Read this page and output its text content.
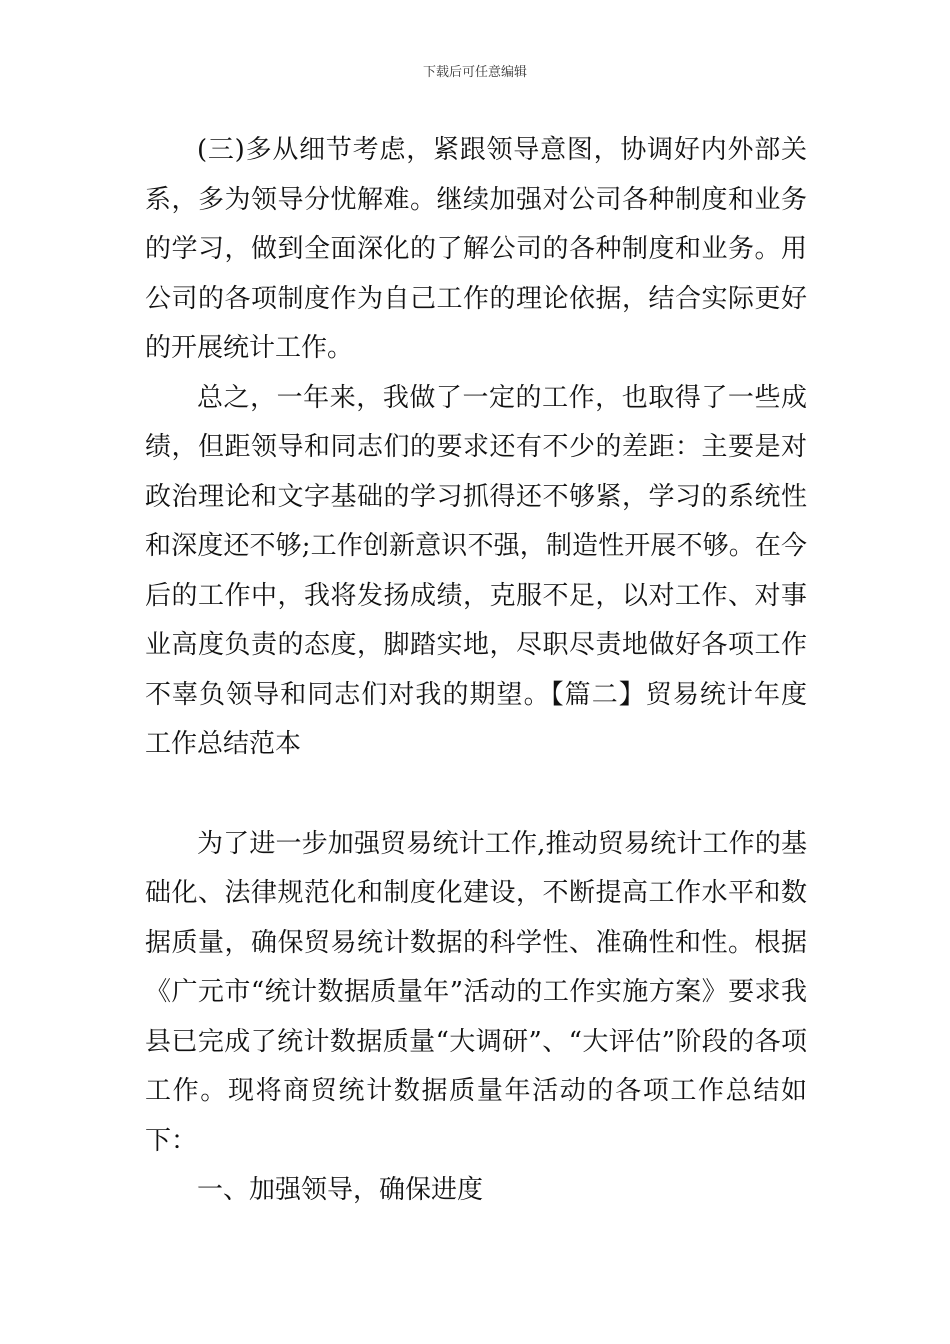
下载后可任意编辑

(三)多从细节考虑，紧跟领导意图，协调好内外部关系，多为领导分忧解难。继续加强对公司各种制度和业务的学习，做到全面深化的了解公司的各种制度和业务。用公司的各项制度作为自己工作的理论依据，结合实际更好的开展统计工作。

总之，一年来，我做了一定的工作，也取得了一些成绩，但距领导和同志们的要求还有不少的差距：主要是对政治理论和文字基础的学习抓得还不够紧，学习的系统性和深度还不够;工作创新意识不强，制造性开展不够。在今后的工作中，我将发扬成绩，克服不足，以对工作、对事业高度负责的态度，脚踏实地，尽职尽责地做好各项工作不辜负领导和同志们对我的期望。【篇二】贸易统计年度工作总结范本

为了进一步加强贸易统计工作,推动贸易统计工作的基础化、法律规范化和制度化建设，不断提高工作水平和数据质量，确保贸易统计数据的科学性、准确性和性。根据《广元市“统计数据质量年”活动的工作实施方案》要求我县已完成了统计数据质量“大调研”、“大评估”阶段的各项工作。现将商贸统计数据质量年活动的各项工作总结如下：

一、加强领导，确保进度
